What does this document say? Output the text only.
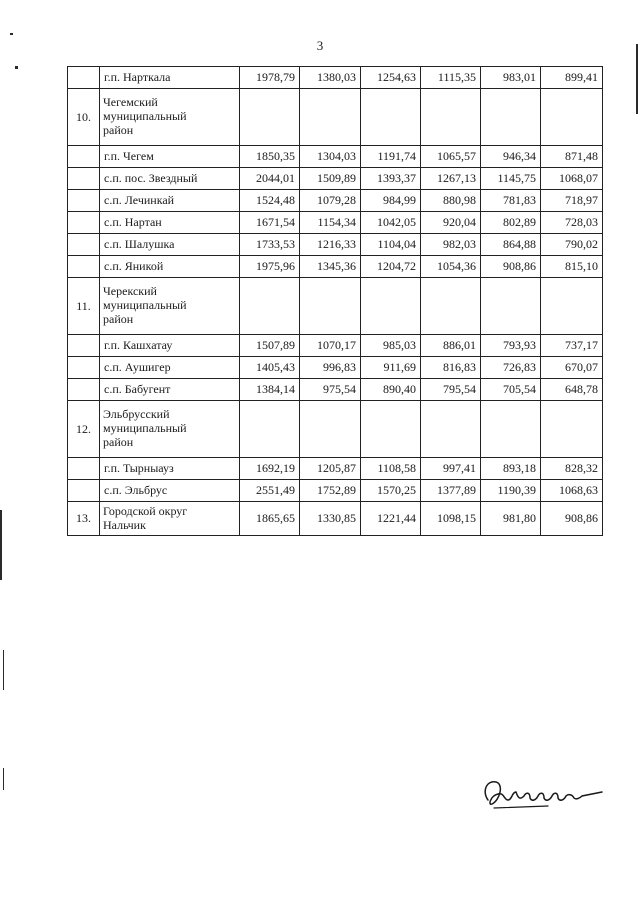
3
	г.п. Нарткала	1978,79	1380,03	1254,63	1115,35	983,01	899,41
10.	Чегемский муниципальный район						

	г.п. Чегем	1850,35	1304,03	1191,74	1065,57	946,34	871,48
	с.п. пос. Звездный	2044,01	1509,89	1393,37	1267,13	1145,75	1068,07
	с.п. Лечинкай	1524,48	1079,28	984,99	880,98	781,83	718,97
	с.п. Нартан	1671,54	1154,34	1042,05	920,04	802,89	728,03
	с.п. Шалушка	1733,53	1216,33	1104,04	982,03	864,88	790,02
	с.п. Яникой	1975,96	1345,36	1204,72	1054,36	908,86	815,10
11.	Черекский муниципальный район						

	г.п. Кашхатау	1507,89	1070,17	985,03	886,01	793,93	737,17
	с.п. Аушигер	1405,43	996,83	911,69	816,83	726,83	670,07
	с.п. Бабугент	1384,14	975,54	890,40	795,54	705,54	648,78
12.	Эльбрусский муниципальный район						

	г.п. Тырныауз	1692,19	1205,87	1108,58	997,41	893,18	828,32
	с.п. Эльбрус	2551,49	1752,89	1570,25	1377,89	1190,39	1068,63
13.	Городской округ Нальчик	1865,65	1330,85	1221,44	1098,15	981,80	908,86
